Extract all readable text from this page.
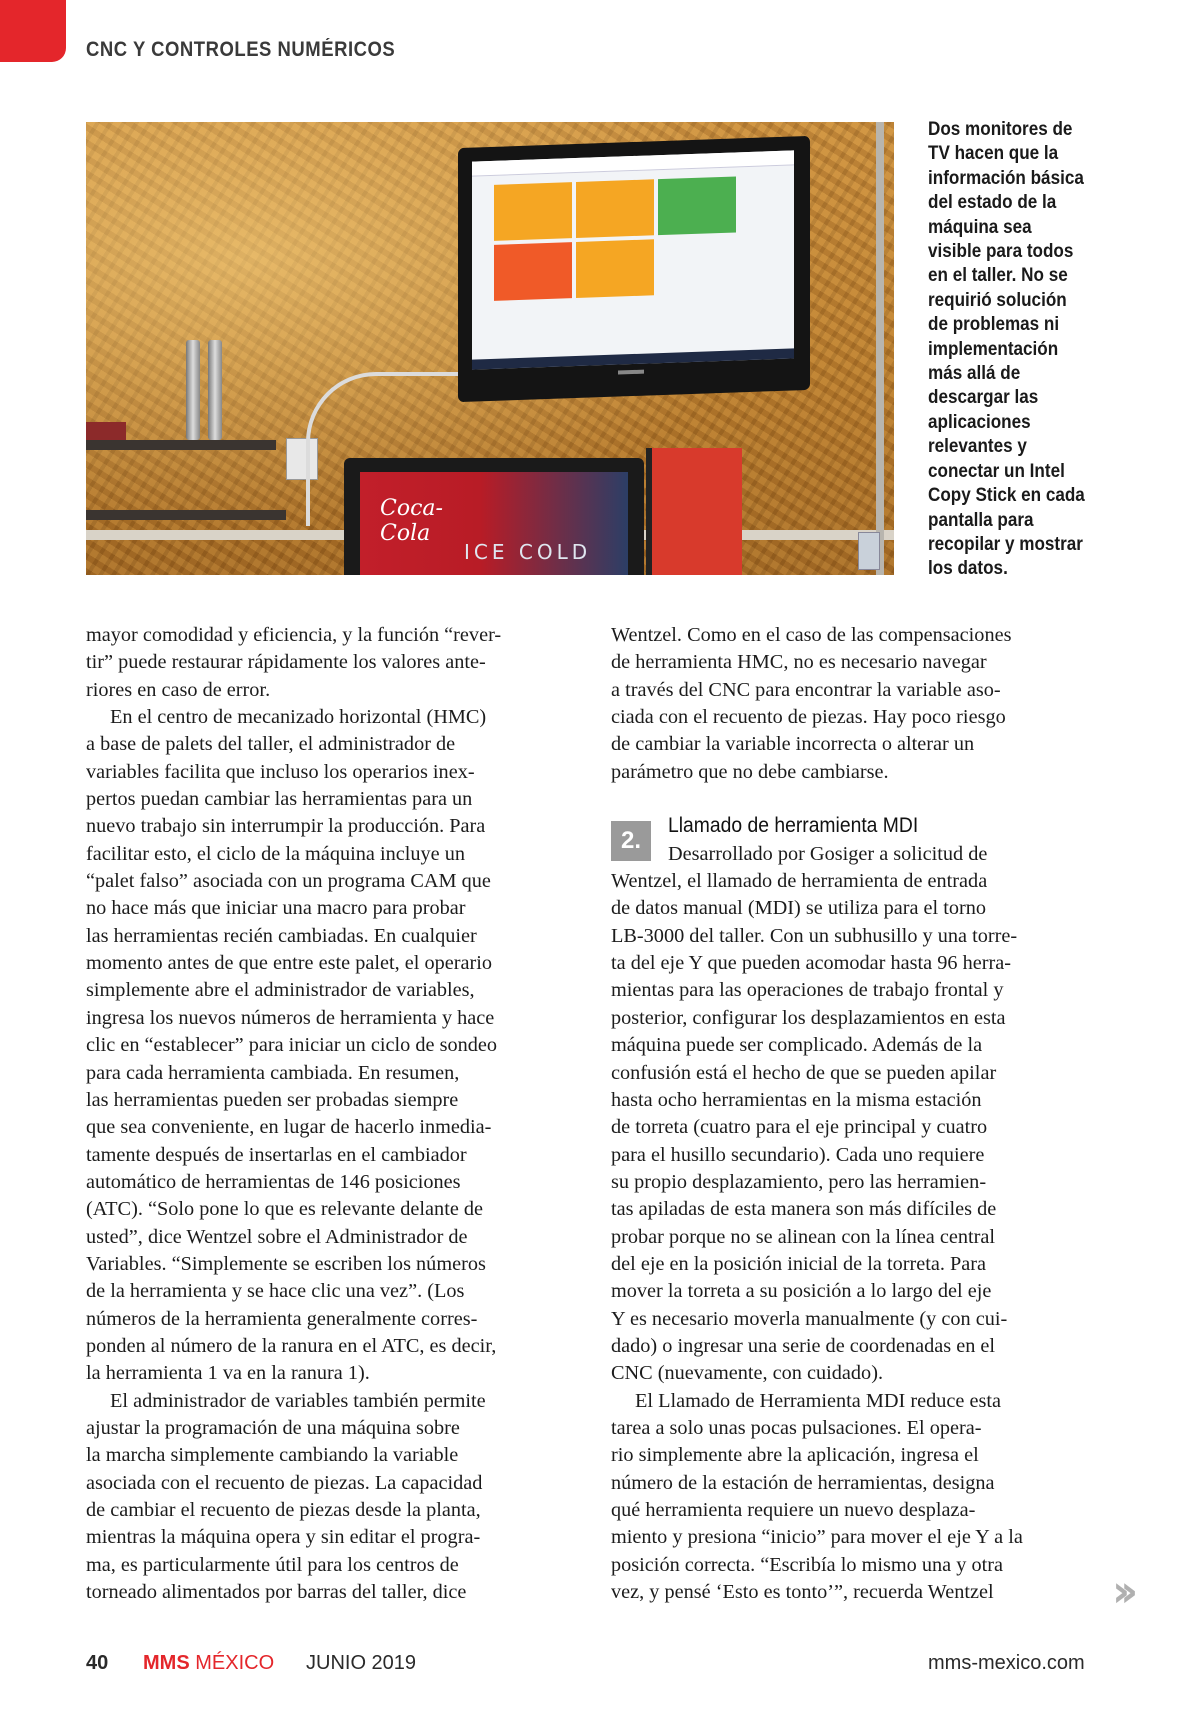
CNC Y CONTROLES NUMÉRICOS
Coca-Cola
ICE COLD
Dos monitores de
TV hacen que la
información básica
del estado de la
máquina sea
visible para todos
en el taller. No se
requirió solución
de problemas ni
implementación
más allá de
descargar las
aplicaciones
relevantes y
conectar un Intel
Copy Stick en cada
pantalla para
recopilar y mostrar
los datos.
mayor comodidad y eficiencia, y la función “rever-
tir” puede restaurar rápidamente los valores ante-
riores en caso de error.
En el centro de mecanizado horizontal (HMC)
a base de palets del taller, el administrador de
variables facilita que incluso los operarios inex-
pertos puedan cambiar las herramientas para un
nuevo trabajo sin interrumpir la producción. Para
facilitar esto, el ciclo de la máquina incluye un
“palet falso” asociada con un programa CAM que
no hace más que iniciar una macro para probar
las herramientas recién cambiadas. En cualquier
momento antes de que entre este palet, el operario
simplemente abre el administrador de variables,
ingresa los nuevos números de herramienta y hace
clic en “establecer” para iniciar un ciclo de sondeo
para cada herramienta cambiada. En resumen,
las herramientas pueden ser probadas siempre
que sea conveniente, en lugar de hacerlo inmedia-
tamente después de insertarlas en el cambiador
automático de herramientas de 146 posiciones
(ATC). “Solo pone lo que es relevante delante de
usted”, dice Wentzel sobre el Administrador de
Variables. “Simplemente se escriben los números
de la herramienta y se hace clic una vez”. (Los
números de la herramienta generalmente corres-
ponden al número de la ranura en el ATC, es decir,
la herramienta 1 va en la ranura 1).
El administrador de variables también permite
ajustar la programación de una máquina sobre
la marcha simplemente cambiando la variable
asociada con el recuento de piezas. La capacidad
de cambiar el recuento de piezas desde la planta,
mientras la máquina opera y sin editar el progra-
ma, es particularmente útil para los centros de
torneado alimentados por barras del taller, dice
Wentzel. Como en el caso de las compensaciones
de herramienta HMC, no es necesario navegar
a través del CNC para encontrar la variable aso-
ciada con el recuento de piezas. Hay poco riesgo
de cambiar la variable incorrecta o alterar un
parámetro que no debe cambiarse.
2.
Llamado de herramienta MDI
Desarrollado por Gosiger a solicitud de
Wentzel, el llamado de herramienta de entrada
de datos manual (MDI) se utiliza para el torno
LB-3000 del taller. Con un subhusillo y una torre-
ta del eje Y que pueden acomodar hasta 96 herra-
mientas para las operaciones de trabajo frontal y
posterior, configurar los desplazamientos en esta
máquina puede ser complicado. Además de la
confusión está el hecho de que se pueden apilar
hasta ocho herramientas en la misma estación
de torreta (cuatro para el eje principal y cuatro
para el husillo secundario). Cada uno requiere
su propio desplazamiento, pero las herramien-
tas apiladas de esta manera son más difíciles de
probar porque no se alinean con la línea central
del eje en la posición inicial de la torreta. Para
mover la torreta a su posición a lo largo del eje
Y es necesario moverla manualmente (y con cui-
dado) o ingresar una serie de coordenadas en el
CNC (nuevamente, con cuidado).
El Llamado de Herramienta MDI reduce esta
tarea a solo unas pocas pulsaciones. El opera-
rio simplemente abre la aplicación, ingresa el
número de la estación de herramientas, designa
qué herramienta requiere un nuevo desplaza-
miento y presiona “inicio” para mover el eje Y a la
posición correcta. “Escribía lo mismo una y otra
vez, y pensé ‘Esto es tonto’”, recuerda Wentzel	››
40 MMS MÉXICO JUNIO 2019	mms-mexico.com
